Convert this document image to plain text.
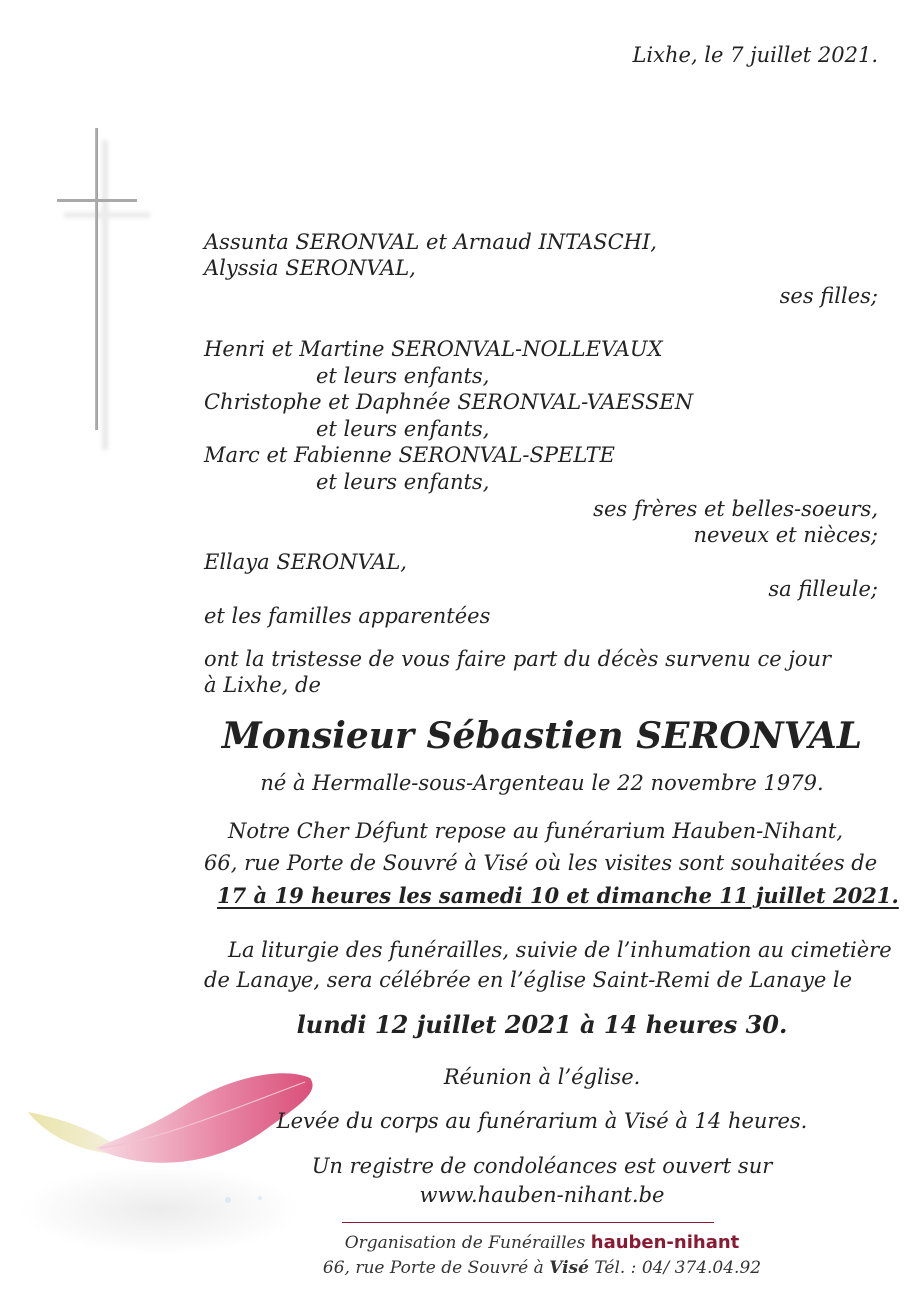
Lixhe, le 7 juillet 2021.
Assunta SERONVAL et Arnaud INTASCHI,
Alyssia SERONVAL,
ses filles;
Henri et Martine SERONVAL-NOLLEVAUX
et leurs enfants,
Christophe et Daphnée SERONVAL-VAESSEN
et leurs enfants,
Marc et Fabienne SERONVAL-SPELTE
et leurs enfants,
ses frères et belles-soeurs,
neveux et nièces;
Ellaya SERONVAL,
sa filleule;
et les familles apparentées
ont la tristesse de vous faire part du décès survenu ce jour
à Lixhe, de
Monsieur Sébastien SERONVAL
né à Hermalle-sous-Argenteau le 22 novembre 1979.
Notre Cher Défunt repose au funérarium Hauben-Nihant,
66, rue Porte de Souvré à Visé où les visites sont souhaitées de
17 à 19 heures les samedi 10 et dimanche 11 juillet 2021.
La liturgie des funérailles, suivie de l’inhumation au cimetière
de Lanaye, sera célébrée en l’église Saint-Remi de Lanaye le
lundi 12 juillet 2021 à 14 heures 30.
Réunion à l’église.
Levée du corps au funérarium à Visé à 14 heures.
Un registre de condoléances est ouvert sur
www.hauben-nihant.be
Organisation de Funérailles hauben-nihant
66, rue Porte de Souvré à Visé Tél. : 04/ 374.04.92
